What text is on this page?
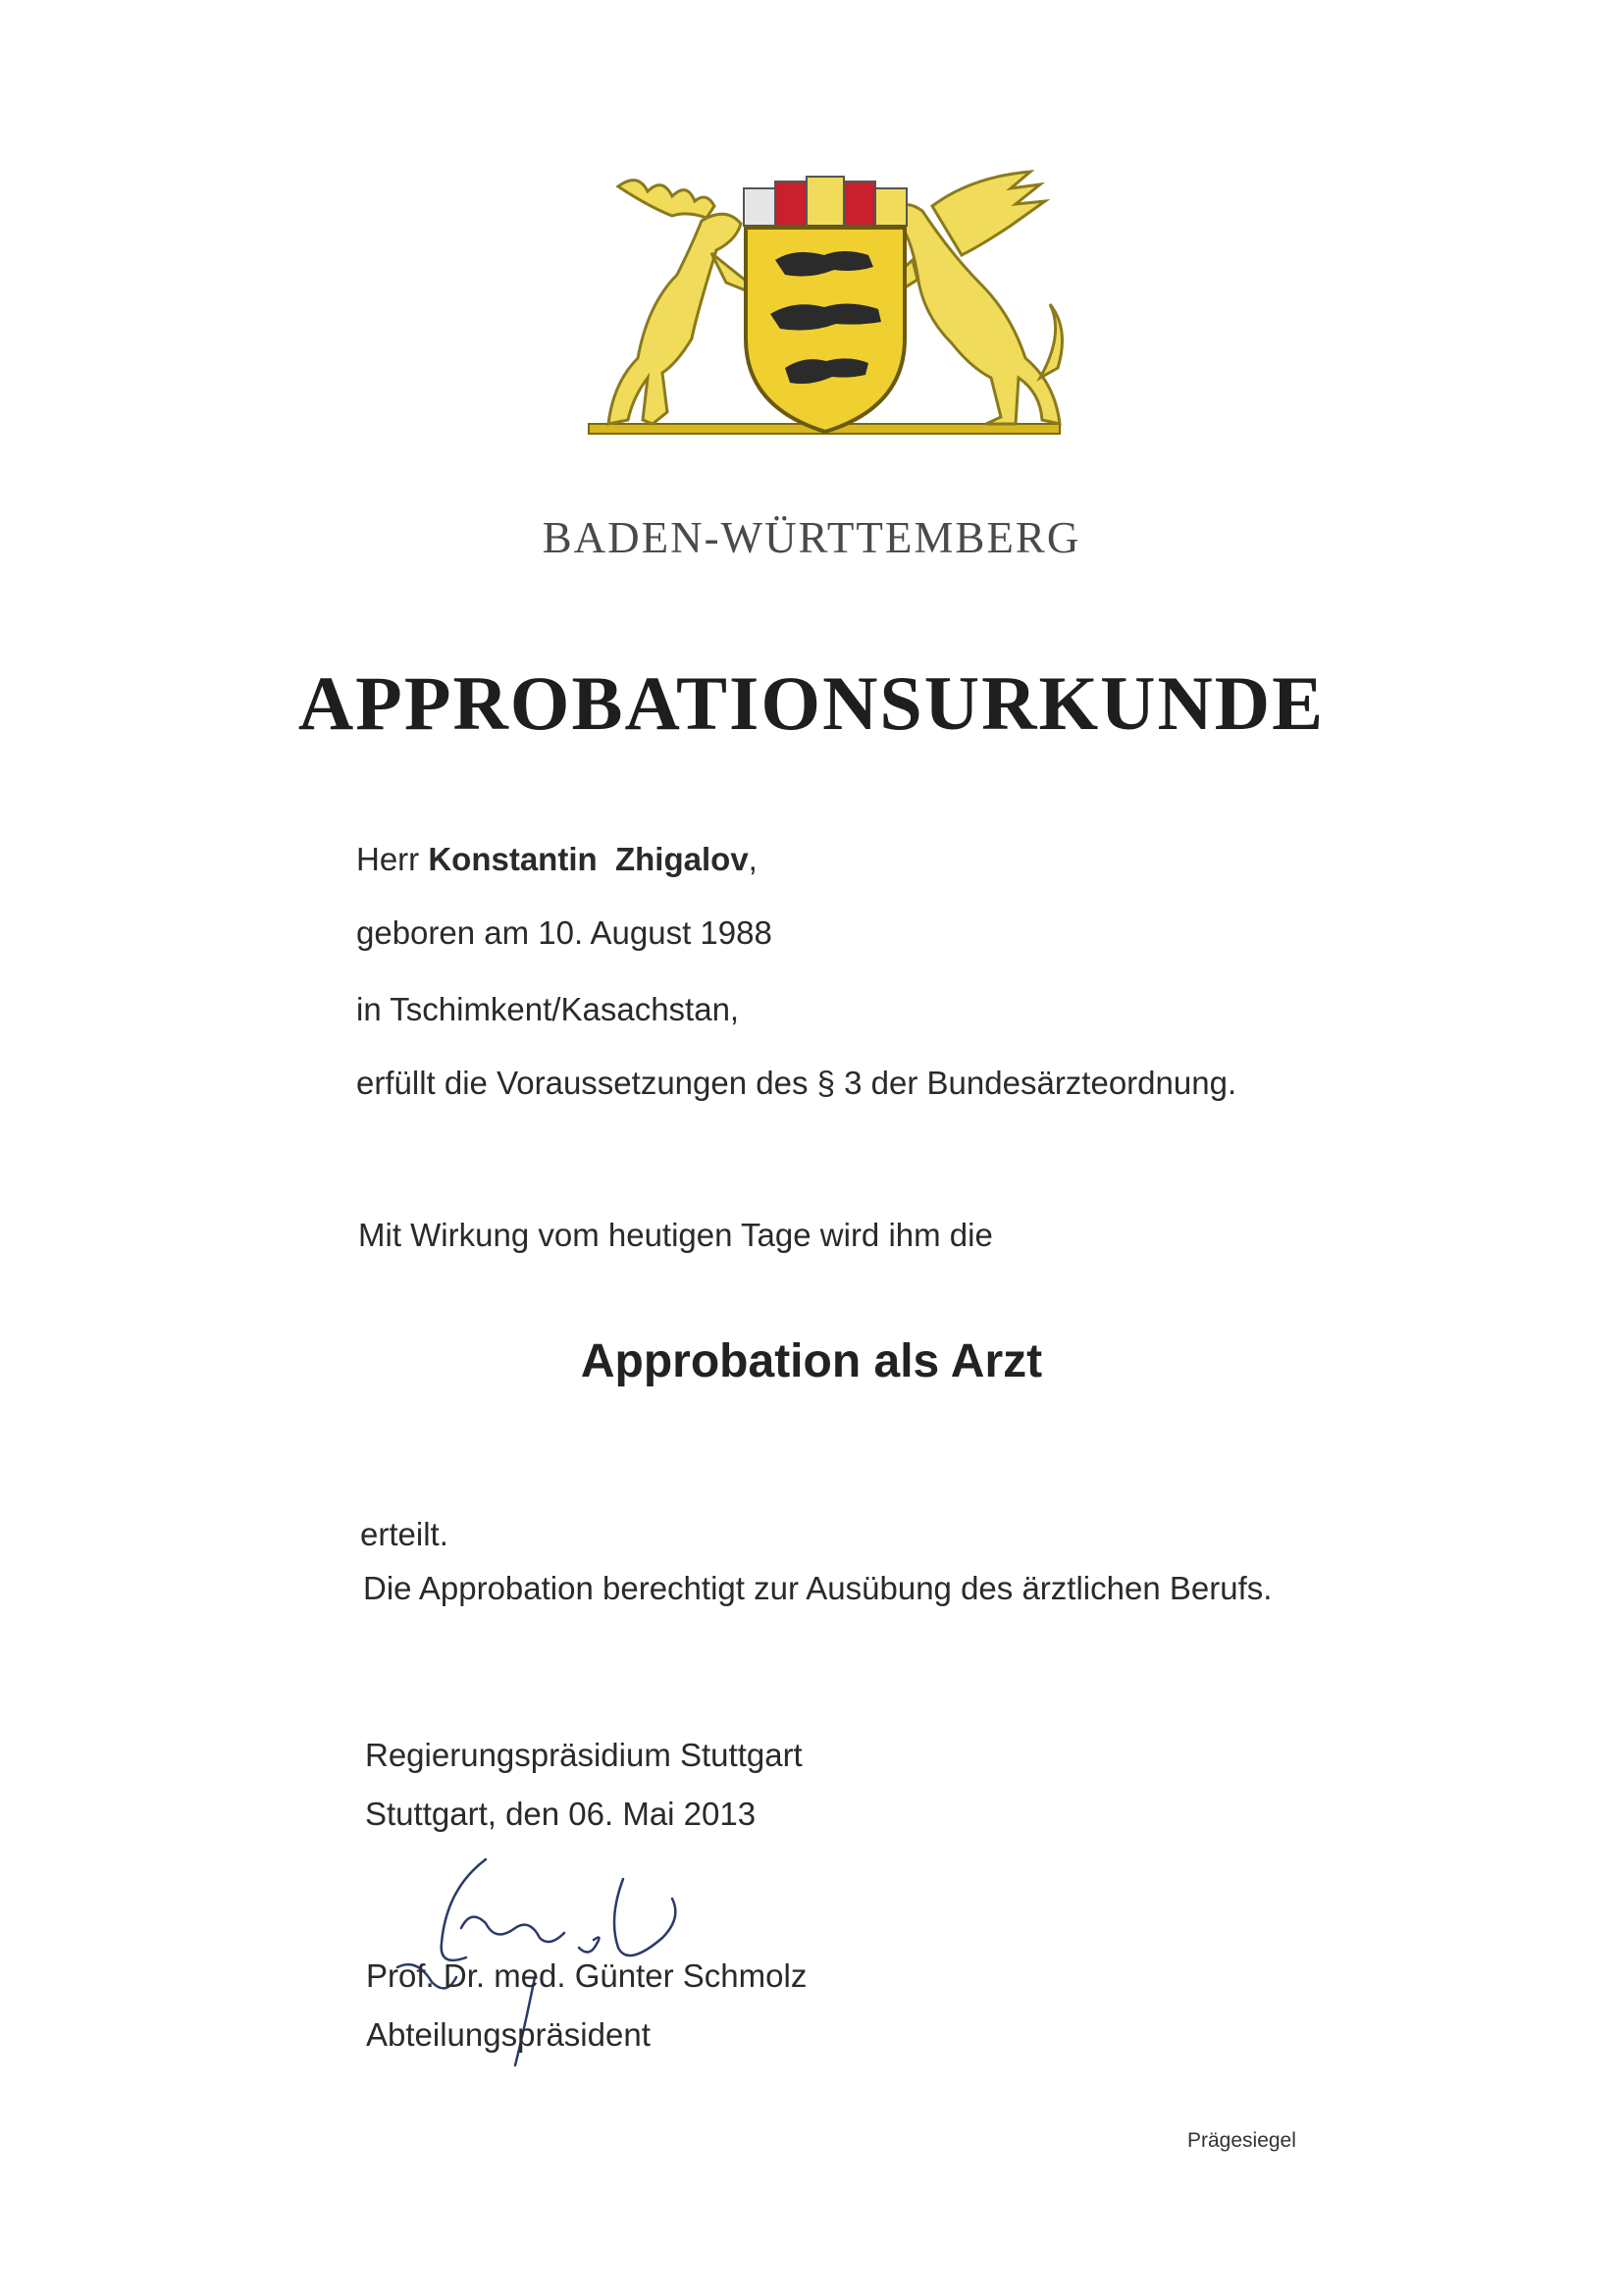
BADEN-WÜRTTEMBERG
APPROBATIONSURKUNDE
Herr Konstantin  Zhigalov,
geboren am 10. August 1988
in Tschimkent/Kasachstan,
erfüllt die Voraussetzungen des § 3 der Bundesärzteordnung.
Mit Wirkung vom heutigen Tage wird ihm die
Approbation als Arzt
erteilt.
Die Approbation berechtigt zur Ausübung des ärztlichen Berufs.
Regierungspräsidium Stuttgart
Stuttgart, den 06. Mai 2013
Prof. Dr. med. Günter Schmolz
Abteilungspräsident
Prägesiegel
